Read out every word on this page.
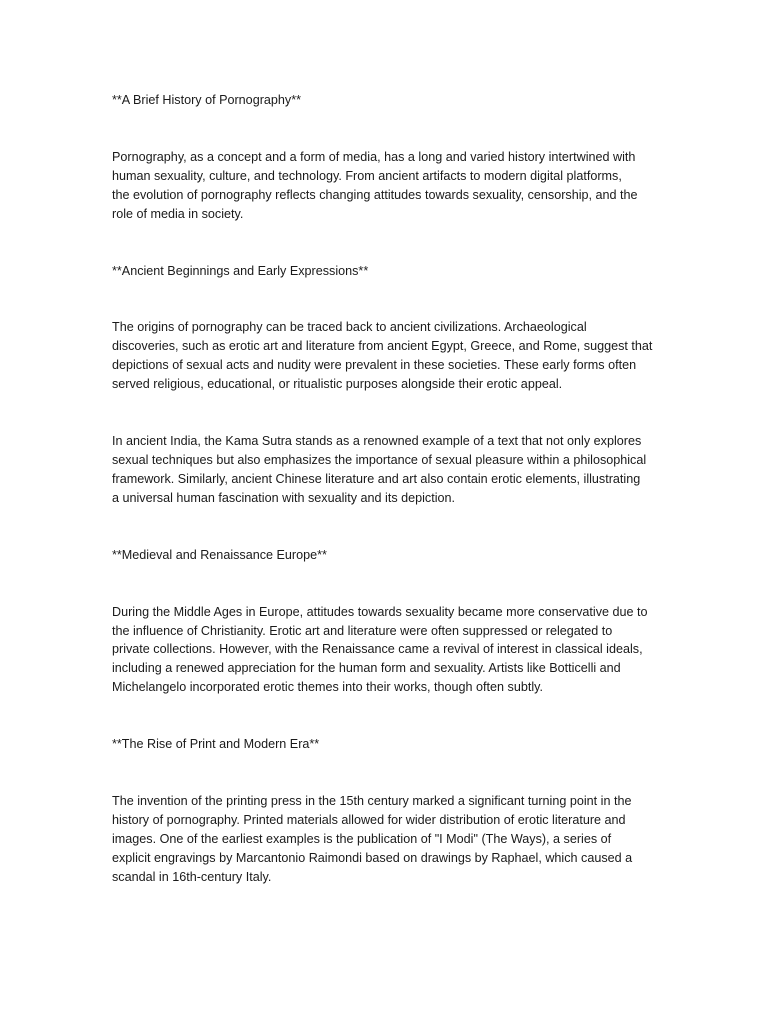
**A Brief History of Pornography**

Pornography, as a concept and a form of media, has a long and varied history intertwined with

human sexuality, culture, and technology. From ancient artifacts to modern digital platforms,

the evolution of pornography reflects changing attitudes towards sexuality, censorship, and the

role of media in society.

**Ancient Beginnings and Early Expressions**

The origins of pornography can be traced back to ancient civilizations. Archaeological

discoveries, such as erotic art and literature from ancient Egypt, Greece, and Rome, suggest that

depictions of sexual acts and nudity were prevalent in these societies. These early forms often

served religious, educational, or ritualistic purposes alongside their erotic appeal.

In ancient India, the Kama Sutra stands as a renowned example of a text that not only explores

sexual techniques but also emphasizes the importance of sexual pleasure within a philosophical

framework. Similarly, ancient Chinese literature and art also contain erotic elements, illustrating

a universal human fascination with sexuality and its depiction.

**Medieval and Renaissance Europe**

During the Middle Ages in Europe, attitudes towards sexuality became more conservative due to

the influence of Christianity. Erotic art and literature were often suppressed or relegated to

private collections. However, with the Renaissance came a revival of interest in classical ideals,

including a renewed appreciation for the human form and sexuality. Artists like Botticelli and

Michelangelo incorporated erotic themes into their works, though often subtly.

**The Rise of Print and Modern Era**

The invention of the printing press in the 15th century marked a significant turning point in the

history of pornography. Printed materials allowed for wider distribution of erotic literature and

images. One of the earliest examples is the publication of "I Modi" (The Ways), a series of

explicit engravings by Marcantonio Raimondi based on drawings by Raphael, which caused a

scandal in 16th-century Italy.
